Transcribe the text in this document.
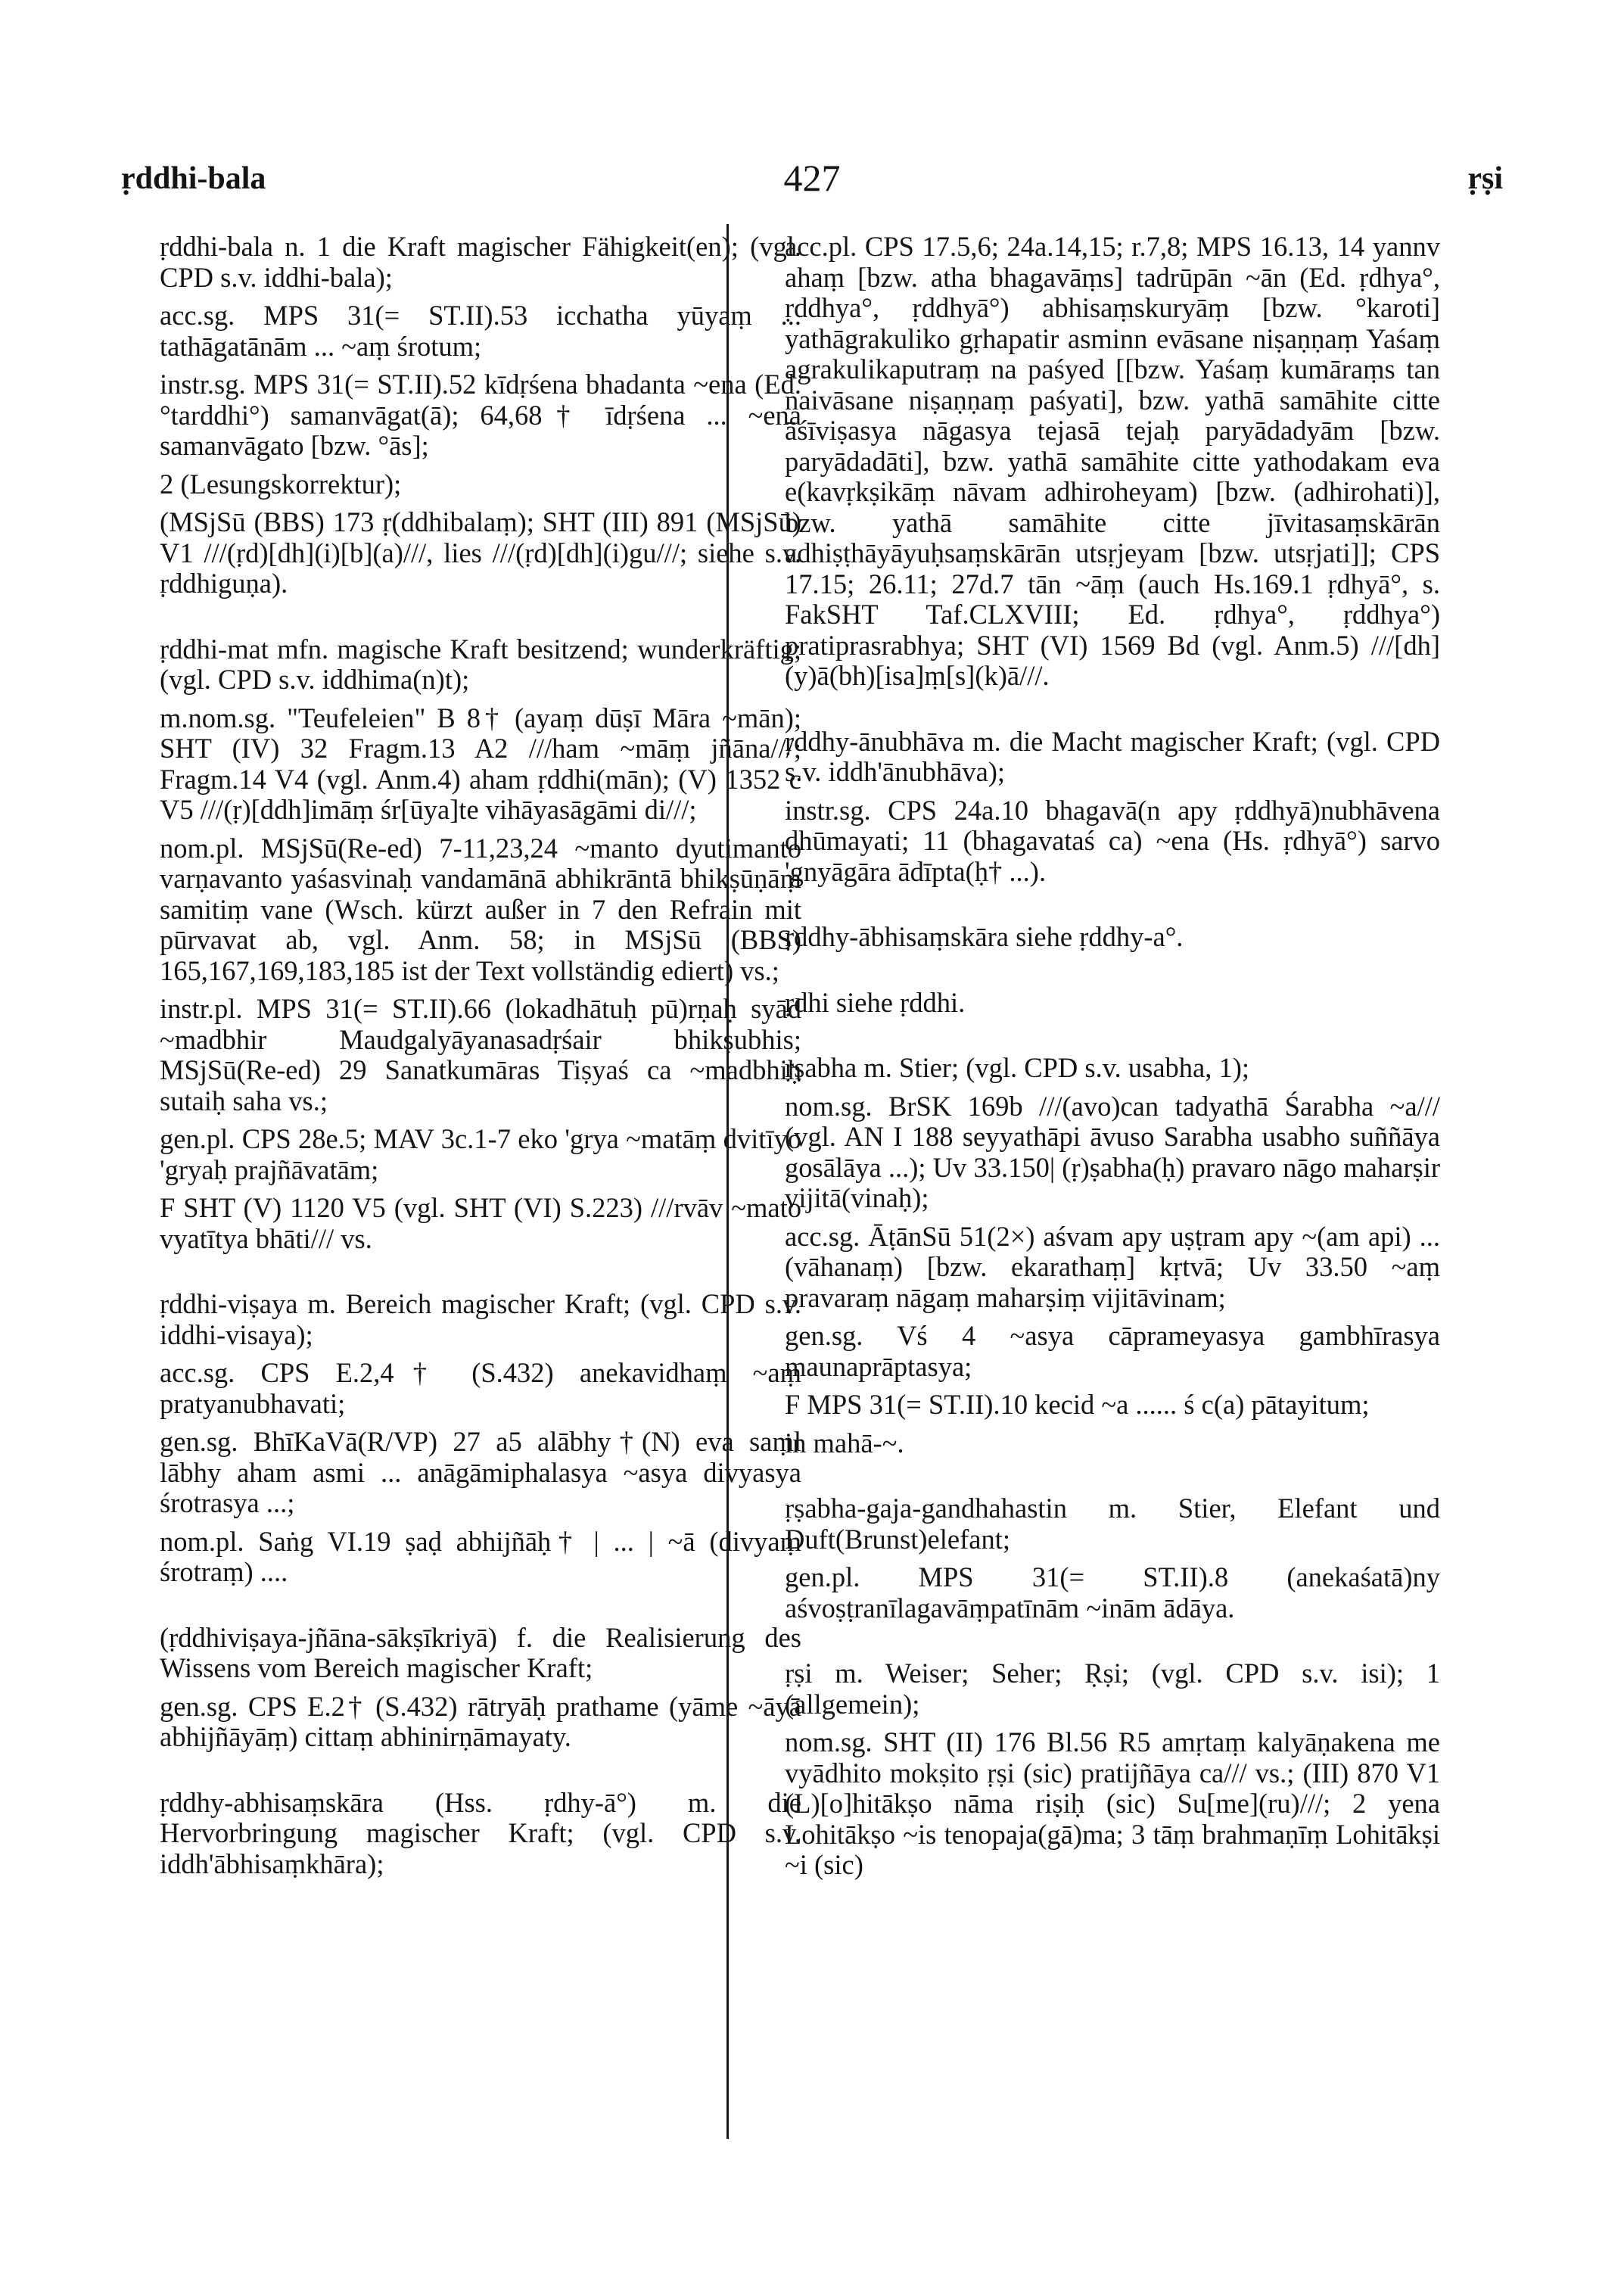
ṛddhi-bala	427	ṛṣi

ṛddhi-bala n. 1 die Kraft magischer Fähigkeit(en); (vgl. CPD s.v. iddhi-bala);

acc.sg. MPS 31(= ST.II).53 icchatha yūyaṃ ... tathāgatānām ... ~aṃ śrotum;

instr.sg. MPS 31(= ST.II).52 kīdṛśena bhadanta ~ena (Ed. °tarddhi°) samanvāgat(ā); 64,68† īdṛśena ... ~ena samanvāgato [bzw. °ās];

2 (Lesungskorrektur);

(MSjSū (BBS) 173 ṛ(ddhibalaṃ); SHT (III) 891 (MSjSū) V1 ///(ṛd)[dh](i)[b](a)///, lies ///(ṛd)[dh](i)gu///; siehe s.v. ṛddhiguṇa).

ṛddhi-mat mfn. magische Kraft besitzend; wunderkräftig; (vgl. CPD s.v. iddhima(n)t);

m.nom.sg. "Teufeleien" B 8† (ayaṃ dūṣī Māra ~mān); SHT (IV) 32 Fragm.13 A2 ///ham ~māṃ jñāna///; Fragm.14 V4 (vgl. Anm.4) aham ṛddhi(mān); (V) 1352 c V5 ///(ṛ)[ddh]imāṃ śr[ūya]te vihāyasāgāmi di///;

nom.pl. MSjSū(Re-ed) 7-11,23,24 ~manto dyutimanto varṇavanto yaśasvinaḥ vandamānā abhikrāntā bhikṣūṇāṃ samitiṃ vane (Wsch. kürzt außer in 7 den Refrain mit pūrvavat ab, vgl. Anm. 58; in MSjSū (BBS) 165,167,169,183,185 ist der Text vollständig ediert) vs.;

instr.pl. MPS 31(= ST.II).66 (lokadhātuḥ pū)rṇaḥ syād ~madbhir Maudgalyāyanasadṛśair bhikṣubhis; MSjSū(Re-ed) 29 Sanatkumāras Tiṣyaś ca ~madbhiḥ sutaiḥ saha vs.;

gen.pl. CPS 28e.5; MAV 3c.1-7 eko 'grya ~matāṃ dvitīyo 'gryaḥ prajñāvatām;

F SHT (V) 1120 V5 (vgl. SHT (VI) S.223) ///rvāv ~mato vyatītya bhāti/// vs.

ṛddhi-viṣaya m. Bereich magischer Kraft; (vgl. CPD s.v. iddhi-visaya);

acc.sg. CPS E.2,4† (S.432) anekavidhaṃ ~aṃ pratyanubhavati;

gen.sg. BhīKaVā(R/VP) 27 a5 alābhy†(N) eva saṃl lābhy aham asmi ... anāgāmiphalasya ~asya divyasya śrotrasya ...;

nom.pl. Saṅg VI.19 ṣaḍ abhijñāḥ† | ... | ~ā (divyaṃ śrotraṃ) ....

(ṛddhiviṣaya-jñāna-sākṣīkriyā) f. die Realisierung des Wissens vom Bereich magischer Kraft;

gen.sg. CPS E.2† (S.432) rātryāḥ prathame (yāme ~āyā abhijñāyāṃ) cittaṃ abhinirṇāmayaty.

ṛddhy-abhisaṃskāra (Hss. ṛdhy-ā°) m. die Hervorbringung magischer Kraft; (vgl. CPD s.v. iddh'ābhisaṃkhāra);

acc.pl. CPS 17.5,6; 24a.14,15; r.7,8; MPS 16.13, 14 yannv ahaṃ [bzw. atha bhagavāṃs] tadrūpān ~ān (Ed. ṛdhya°, ṛddhya°, ṛddhyā°) abhisaṃskuryāṃ [bzw. °karoti] yathāgrakuliko gṛhapatir asminn evāsane niṣaṇṇaṃ Yaśaṃ agrakulikaputraṃ na paśyed [[bzw. Yaśaṃ kumāraṃs tan naivāsane niṣaṇṇaṃ paśyati], bzw. yathā samāhite citte āśīviṣasya nāgasya tejasā tejaḥ paryādadyām [bzw. paryādadāti], bzw. yathā samāhite citte yathodakam eva e(kavṛkṣikāṃ nāvam adhiroheyam) [bzw. (adhirohati)], bzw. yathā samāhite citte jīvitasaṃskārān adhiṣṭhāyāyuḥsaṃskārān utsṛjeyam [bzw. utsṛjati]]; CPS 17.15; 26.11; 27d.7 tān ~āṃ (auch Hs.169.1 ṛdhyā°, s. FakSHT Taf.CLXVIII; Ed. ṛdhya°, ṛddhya°) pratiprasrabhya; SHT (VI) 1569 Bd (vgl. Anm.5) ///[dh](y)ā(bh)[isa]ṃ[s](k)ā///.

ṛddhy-ānubhāva m. die Macht magischer Kraft; (vgl. CPD s.v. iddh'ānubhāva);

instr.sg. CPS 24a.10 bhagavā(n apy ṛddhyā)nubhāvena dhūmayati; 11 (bhagavataś ca) ~ena (Hs. ṛdhyā°) sarvo 'gnyāgāra ādīpta(ḥ† ...).

ṛddhy-ābhisaṃskāra siehe ṛddhy-a°.

ṛdhi siehe ṛddhi.

ṛṣabha m. Stier; (vgl. CPD s.v. usabha, 1);

nom.sg. BrSK 169b ///(avo)can tadyathā Śarabha ~a/// (vgl. AN I 188 seyyathāpi āvuso Sarabha usabho suññāya gosālāya ...); Uv 33.150| (ṛ)ṣabha(ḥ) pravaro nāgo maharṣir vijitā(vinaḥ);

acc.sg. ĀṭānSū 51(2×) aśvam apy uṣṭram apy ~(am api) ... (vāhanaṃ) [bzw. ekarathaṃ] kṛtvā; Uv 33.50 ~aṃ pravaraṃ nāgaṃ maharṣiṃ vijitāvinam;

gen.sg. Vś 4 ~asya cāprameyasya gambhīrasya maunaprāptasya;

F MPS 31(= ST.II).10 kecid ~a ...... ś c(a) pātayitum;

in mahā-~.

ṛṣabha-gaja-gandhahastin m. Stier, Elefant und Duft(Brunst)elefant;

gen.pl. MPS 31(= ST.II).8 (anekaśatā)ny aśvoṣṭranīlagavāṃpatīnām ~inām ādāya.

ṛṣi m. Weiser; Seher; Ṛṣi; (vgl. CPD s.v. isi); 1 (allgemein);

nom.sg. SHT (II) 176 Bl.56 R5 amṛtaṃ kalyāṇakena me vyādhito mokṣito ṛṣi (sic) pratijñāya ca/// vs.; (III) 870 V1 (L)[o]hitākṣo nāma riṣiḥ (sic) Su[me](ru)///; 2 yena Lohitākṣo ~is tenopaja(gā)ma; 3 tāṃ brahmaṇīṃ Lohitākṣi ~i (sic)
